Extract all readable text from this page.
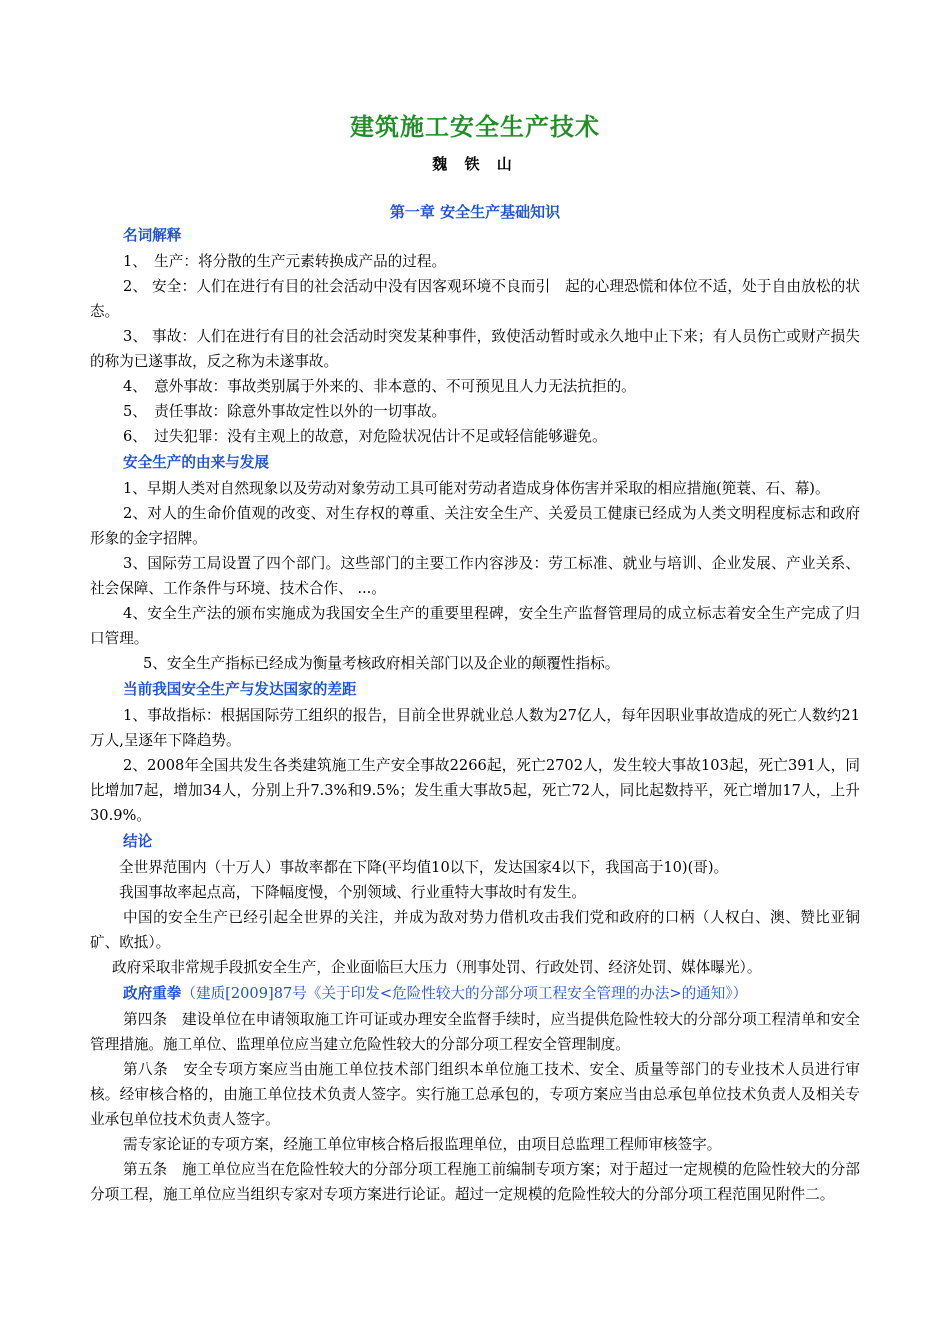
建筑施工安全生产技术
魏 铁 山
第一章 安全生产基础知识
名词解释

1、　生产：将分散的生产元素转换成产品的过程。

2、 安全：人们在进行有目的社会活动中没有因客观环境不良而引　起的心理恐慌和体位不适，处于自由放松的状态。

3、 事故：人们在进行有目的社会活动时突发某种事件，致使活动暂时或永久地中止下来；有人员伤亡或财产损失的称为已遂事故，反之称为未遂事故。

4、　意外事故：事故类别属于外来的、非本意的、不可预见且人力无法抗拒的。

5、　责任事故：除意外事故定性以外的一切事故。

6、　过失犯罪：没有主观上的故意，对危险状况估计不足或轻信能够避免。

安全生产的由来与发展

1、早期人类对自然现象以及劳动对象劳动工具可能对劳动者造成身体伤害并采取的相应措施(篼蓑、石、幕)。

2、对人的生命价值观的改变、对生存权的尊重、关注安全生产、关爱员工健康已经成为人类文明程度标志和政府形象的金字招牌。

3、国际劳工局设置了四个部门。这些部门的主要工作内容涉及：劳工标准、就业与培训、企业发展、产业关系、社会保障、工作条件与环境、技术合作、 ...。

4、安全生产法的颁布实施成为我国安全生产的重要里程碑，安全生产监督管理局的成立标志着安全生产完成了归口管理。

5、安全生产指标已经成为衡量考核政府相关部门以及企业的颠覆性指标。

当前我国安全生产与发达国家的差距

1、事故指标：根据国际劳工组织的报告，目前全世界就业总人数为27亿人，每年因职业事故造成的死亡人数约21万人,呈逐年下降趋势。

2、2008年全国共发生各类建筑施工生产安全事故2266起，死亡2702人，发生较大事故103起，死亡391人，同比增加7起，增加34人，分别上升7.3%和9.5%；发生重大事故5起，死亡72人，同比起数持平，死亡增加17人，上升30.9%。

结论

全世界范围内（十万人）事故率都在下降(平均值10以下，发达国家4以下，我国高于10)(哥)。

我国事故率起点高，下降幅度慢，个别领域、行业重特大事故时有发生。

中国的安全生产已经引起全世界的关注，并成为敌对势力借机攻击我们党和政府的口柄（人权白、澳、赞比亚铜矿、欧抵）。

政府采取非常规手段抓安全生产，企业面临巨大压力（刑事处罚、行政处罚、经济处罚、媒体曝光）。

政府重拳（建质[2009]87号《关于印发<危险性较大的分部分项工程安全管理的办法>的通知》）

第四条　建设单位在申请领取施工许可证或办理安全监督手续时，应当提供危险性较大的分部分项工程清单和安全管理措施。施工单位、监理单位应当建立危险性较大的分部分项工程安全管理制度。

第八条　安全专项方案应当由施工单位技术部门组织本单位施工技术、安全、质量等部门的专业技术人员进行审核。经审核合格的，由施工单位技术负责人签字。实行施工总承包的，专项方案应当由总承包单位技术负责人及相关专业承包单位技术负责人签字。

需专家论证的专项方案，经施工单位审核合格后报监理单位，由项目总监理工程师审核签字。

第五条　施工单位应当在危险性较大的分部分项工程施工前编制专项方案；对于超过一定规模的危险性较大的分部分项工程，施工单位应当组织专家对专项方案进行论证。超过一定规模的危险性较大的分部分项工程范围见附件二。
